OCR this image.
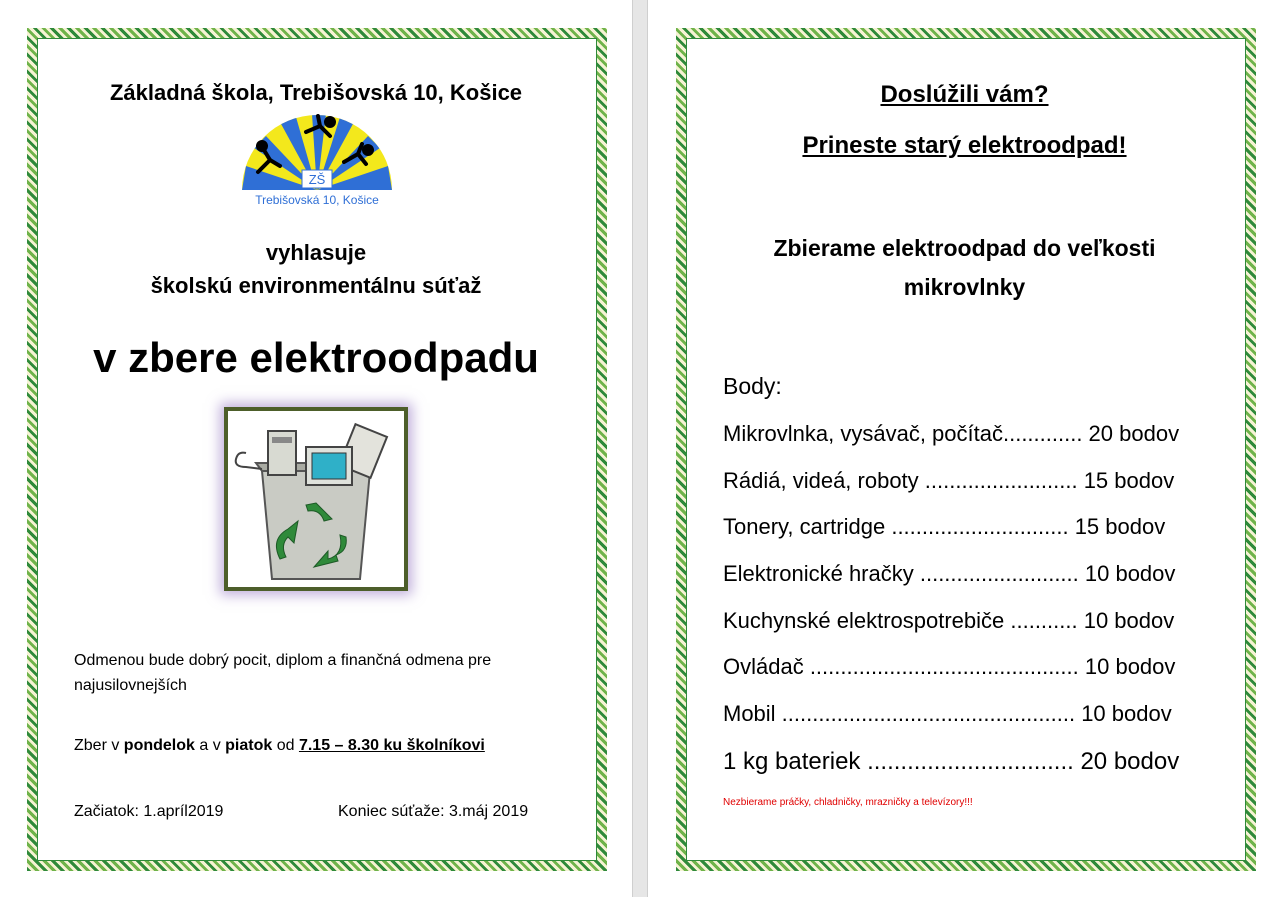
Základná škola, Trebišovská 10, Košice
ZŠ
Trebišovská 10, Košice
vyhlasuje
školskú environmentálnu súťaž
v zbere elektroodpadu
Odmenou bude dobrý pocit, diplom a finančná odmena pre
najusilovnejších
Zber v pondelok a v piatok od 7.15 – 8.30 ku školníkovi
Začiatok: 1.apríl2019	Koniec súťaže: 3.máj 2019
Doslúžili vám?
Prineste starý elektroodpad!
Zbierame elektroodpad do veľkosti
mikrovlnky
Body:
Mikrovlnka, vysávač, počítač............. 20 bodov
Rádiá, videá, roboty ......................... 15 bodov
Tonery, cartridge ............................. 15 bodov
Elektronické hračky .......................... 10 bodov
Kuchynské elektrospotrebiče ........... 10 bodov
Ovládač ............................................ 10 bodov
Mobil ................................................ 10 bodov
1 kg bateriek ............................... 20 bodov
Nezbierame práčky, chladničky, mrazničky a televízory!!!
